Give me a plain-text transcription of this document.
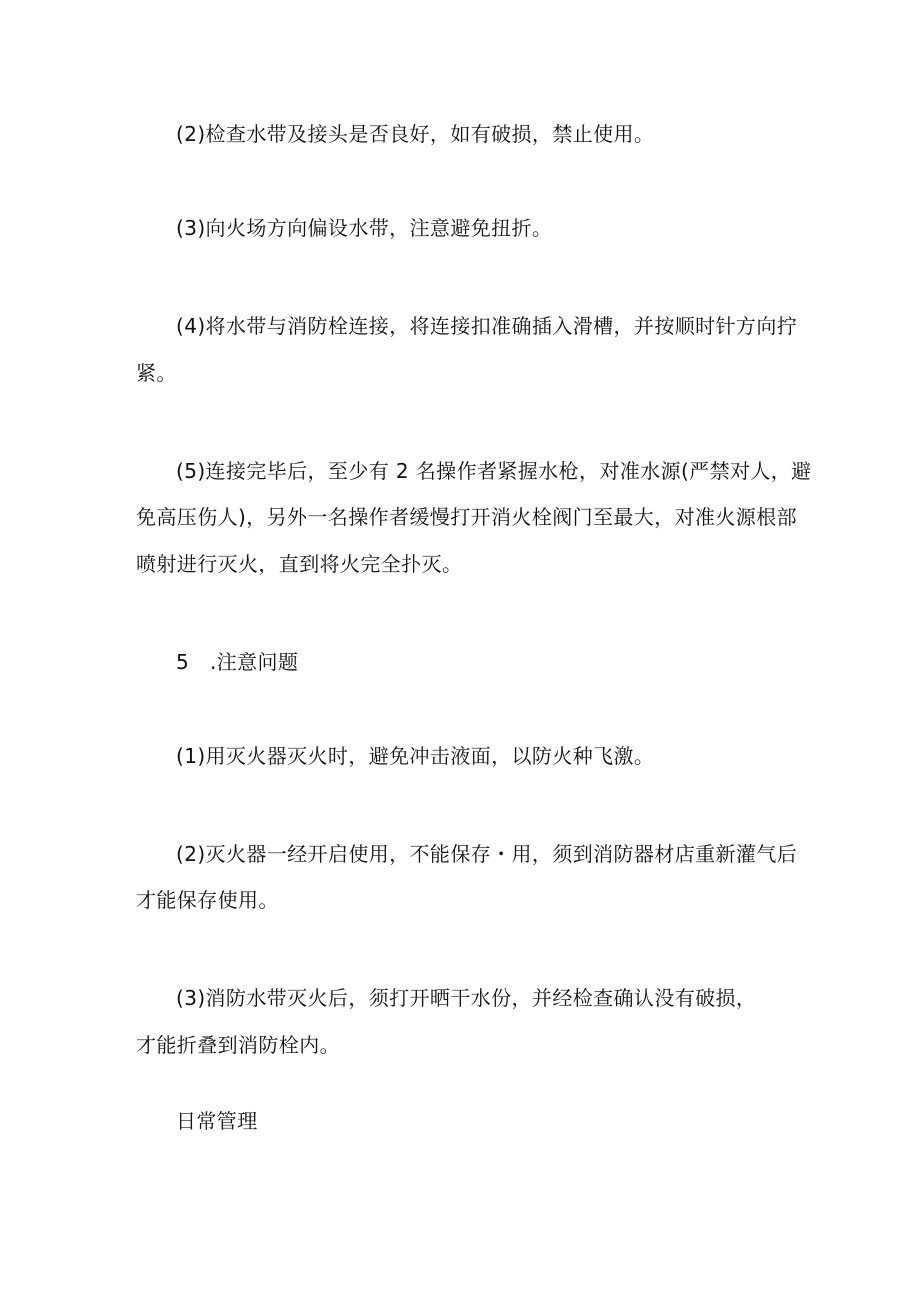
(2)检查水带及接头是否良好，如有破损，禁止使用。
(3)向火场方向偏设水带，注意避免扭折。
(4)将水带与消防栓连接，将连接扣准确插入滑槽，并按顺时针方向拧
紧。
(5)连接完毕后，至少有 2 名操作者紧握水枪，对准水源(严禁对人，避
免高压伤人)，另外一名操作者缓慢打开消火栓阀门至最大，对准火源根部
喷射进行灭火，直到将火完全扑灭。
5 .注意问题
(1)用灭火器灭火时，避免冲击液面，以防火种飞激。
(2)灭火器一经开启使用，不能保存・用，须到消防器材店重新灌气后
才能保存使用。
(3)消防水带灭火后，须打开晒干水份，并经检查确认没有破损，
才能折叠到消防栓内。
日常管理
